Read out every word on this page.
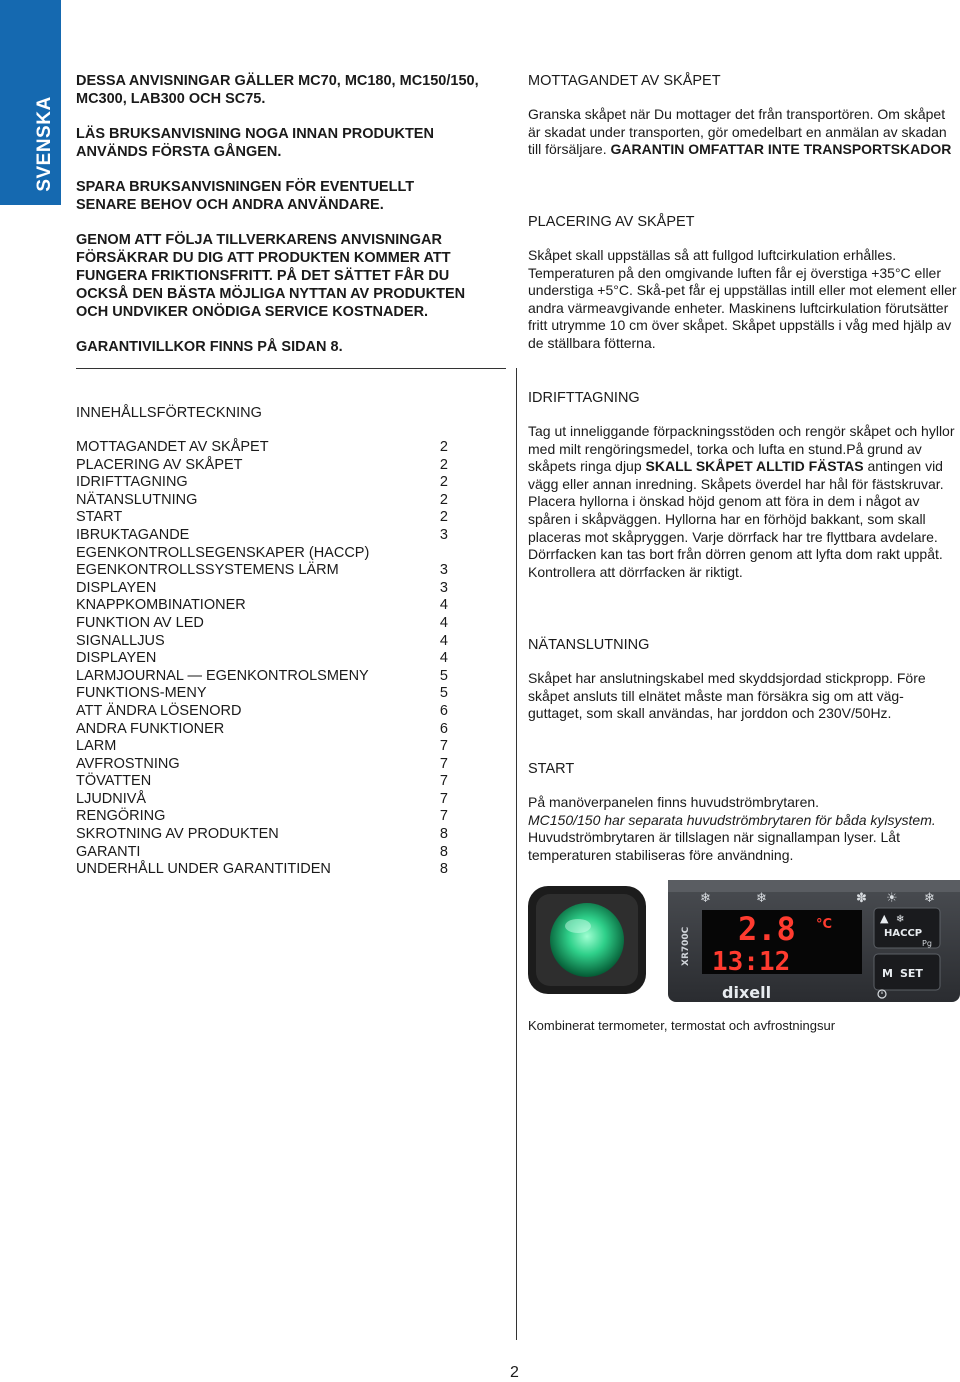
SVENSKA

DESSA ANVISNINGAR GÄLLER MC70, MC180, MC150/150, MC300, LAB300 OCH SC75.

LÄS BRUKSANVISNING NOGA INNAN PRODUKTEN ANVÄNDS FÖRSTA GÅNGEN.

SPARA BRUKSANVISNINGEN FÖR EVENTUELLT SENARE BEHOV OCH ANDRA ANVÄNDARE.

GENOM ATT FÖLJA TILLVERKARENS ANVISNINGAR FÖRSÄKRAR DU DIG ATT PRODUKTEN KOMMER ATT FUNGERA FRIKTIONSFRITT. PÅ DET SÄTTET FÅR DU OCKSÅ DEN BÄSTA MÖJLIGA NYTTAN AV PRODUKTEN OCH UNDVIKER ONÖDIGA SERVICE KOSTNADER.

GARANTIVILLKOR FINNS PÅ SIDAN 8.

INNEHÅLLSFÖRTECKNING
MOTTAGANDET AV SKÅPET	2
PLACERING AV SKÅPET	2
IDRIFTTAGNING	2
NÄTANSLUTNING	2
START	2
IBRUKTAGANDE	3
EGENKONTROLLSEGENSKAPER (HACCP)
EGENKONTROLLSSYSTEMENS LÄRM	3
DISPLAYEN	3
KNAPPKOMBINATIONER	4
FUNKTION AV LED	4
SIGNALLJUS	4
DISPLAYEN	4
LARMJOURNAL — EGENKONTROLSMENY	5
FUNKTIONS-MENY	5
ATT ÄNDRA LÖSENORD	6
ANDRA FUNKTIONER	6
LARM	7
AVFROSTNING	7
TÖVATTEN	7
LJUDNIVÅ	7
RENGÖRING	7
SKROTNING AV PRODUKTEN	8
GARANTI	8
UNDERHÅLL UNDER GARANTITIDEN	8
MOTTAGANDET AV SKÅPET

Granska skåpet när Du mottager det från transportören. Om skåpet är skadat under transporten, gör omedelbart en anmälan av skadan till försäljare. GARANTIN OMFATTAR INTE TRANSPORTSKADOR

PLACERING AV SKÅPET

Skåpet skall uppställas så att fullgod luftcirkulation erhålles. Temperaturen på den omgivande luften får ej överstiga +35°C eller understiga +5°C. Skå-pet får ej uppställas intill eller mot element eller andra värmeavgivande enheter. Maskinens luftcirkulation förutsätter fritt utrymme 10 cm över skåpet. Skåpet uppställs i våg med hjälp av de ställbara fötterna.

IDRIFTTAGNING

Tag ut inneliggande förpackningsstöden och rengör skåpet och hyllor med milt rengöringsmedel, torka och lufta en stund.På grund av skåpets ringa djup SKALL SKÅPET ALLTID FÄSTAS antingen vid vägg eller annan inredning. Skåpets överdel har hål för fästskruvar. Placera hyllorna i önskad höjd genom att föra in dem i något av spåren i skåpväggen. Hyllorna har en förhöjd bakkant, som skall placeras mot skåpryggen. Varje dörrfack har tre flyttbara avdelare. Dörrfacken kan tas bort från dörren genom att lyfta dom rakt uppåt. Kontrollera att dörrfacken är riktigt.

NÄTANSLUTNING

Skåpet har anslutningskabel med skyddsjordad stickpropp. Före skåpet ansluts till elnätet måste man försäkra sig om att väg-guttaget, som skall användas, har jorddon och 230V/50Hz.

START

På manöverpanelen finns huvudströmbrytaren.
MC150/150 har separata huvudströmbrytaren för båda kylsystem.
Huvudströmbrytaren är tillslagen när signallampan lyser. Låt temperaturen stabiliseras före användning.

❄	❄	✽ ☀ ❄
XR700C 2.8 °C
13:12
dixell
▲ ❄
HACCP
Pg
M SET
Kombinerat termometer, termostat och avfrostningsur
2
